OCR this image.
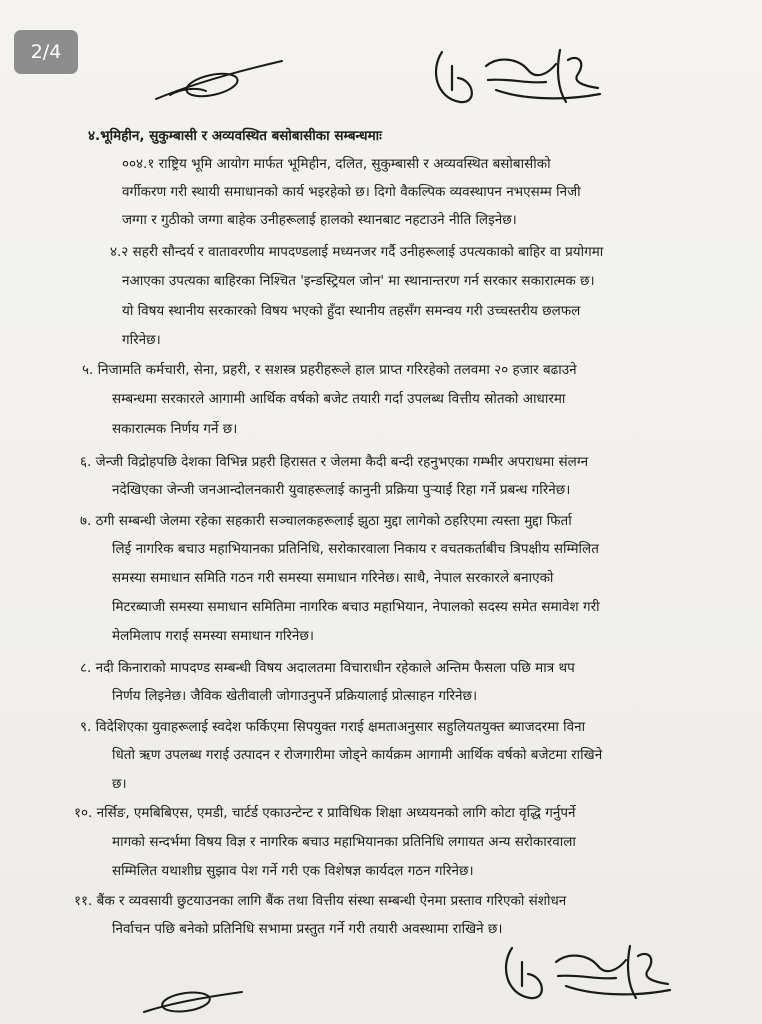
2/4
४.भूमिहीन, सुकुम्बासी र अव्यवस्थित बसोबासीका सम्बन्धमाः
००४.१ राष्ट्रिय भूमि आयोग मार्फत भूमिहीन, दलित, सुकुम्बासी र अव्यवस्थित बसोबासीको
वर्गीकरण गरी स्थायी समाधानको कार्य भइरहेको छ। दिगो वैकल्पिक व्यवस्थापन नभएसम्म निजी
जग्गा र गुठीको जग्गा बाहेक उनीहरूलाई हालको स्थानबाट नहटाउने नीति लिइनेछ।
४.२ सहरी सौन्दर्य र वातावरणीय मापदण्डलाई मध्यनजर गर्दै उनीहरूलाई उपत्यकाको बाहिर वा प्रयोगमा
नआएका उपत्यका बाहिरका निश्चित 'इन्डस्ट्रियल जोन' मा स्थानान्तरण गर्न सरकार सकारात्मक छ।
यो विषय स्थानीय सरकारको विषय भएको हुँदा स्थानीय तहसँग समन्वय गरी उच्चस्तरीय छलफल
गरिनेछ।
५. निजामति कर्मचारी, सेना, प्रहरी, र सशस्त्र प्रहरीहरूले हाल प्राप्त गरिरहेको तलवमा २० हजार बढाउने
सम्बन्धमा सरकारले आगामी आर्थिक वर्षको बजेट तयारी गर्दा उपलब्ध वित्तीय स्रोतको आधारमा
सकारात्मक निर्णय गर्ने छ।
६. जेन्जी विद्रोहपछि देशका विभिन्न प्रहरी हिरासत र जेलमा कैदी बन्दी रहनुभएका गम्भीर अपराधमा संलग्न
नदेखिएका जेन्जी जनआन्दोलनकारी युवाहरूलाई कानुनी प्रक्रिया पुऱ्याई रिहा गर्ने प्रबन्ध गरिनेछ।
७. ठगी सम्बन्धी जेलमा रहेका सहकारी सञ्चालकहरूलाई झुठा मुद्दा लागेको ठहरिएमा त्यस्ता मुद्दा फिर्ता
लिई नागरिक बचाउ महाभियानका प्रतिनिधि, सरोकारवाला निकाय र वचतकर्ताबीच त्रिपक्षीय सम्मिलित
समस्या समाधान समिति गठन गरी समस्या समाधान गरिनेछ। साथै, नेपाल सरकारले बनाएको
मिटरब्याजी समस्या समाधान समितिमा नागरिक बचाउ महाभियान, नेपालको सदस्य समेत समावेश गरी
मेलमिलाप गराई समस्या समाधान गरिनेछ।
८. नदी किनाराको मापदण्ड सम्बन्धी विषय अदालतमा विचाराधीन रहेकाले अन्तिम फैसला पछि मात्र थप
निर्णय लिइनेछ। जैविक खेतीवाली जोगाउनुपर्ने प्रक्रियालाई प्रोत्साहन गरिनेछ।
९. विदेशिएका युवाहरूलाई स्वदेश फर्किएमा सिपयुक्त गराई क्षमताअनुसार सहुलियतयुक्त ब्याजदरमा विना
धितो ऋण उपलब्ध गराई उत्पादन र रोजगारीमा जोड्ने कार्यक्रम आगामी आर्थिक वर्षको बजेटमा राखिने
छ।
१०. नर्सिङ, एमबिबिएस, एमडी, चार्टर्ड एकाउन्टेन्ट र प्राविधिक शिक्षा अध्ययनको लागि कोटा वृद्धि गर्नुपर्ने
मागको सन्दर्भमा विषय विज्ञ र नागरिक बचाउ महाभियानका प्रतिनिधि लगायत अन्य सरोकारवाला
सम्मिलित यथाशीघ्र सुझाव पेश गर्ने गरी एक विशेषज्ञ कार्यदल गठन गरिनेछ।
११. बैंक र व्यवसायी छुटयाउनका लागि बैंक तथा वित्तीय संस्था सम्बन्धी ऐनमा प्रस्ताव गरिएको संशोधन
निर्वाचन पछि बनेको प्रतिनिधि सभामा प्रस्तुत गर्ने गरी तयारी अवस्थामा राखिने छ।
